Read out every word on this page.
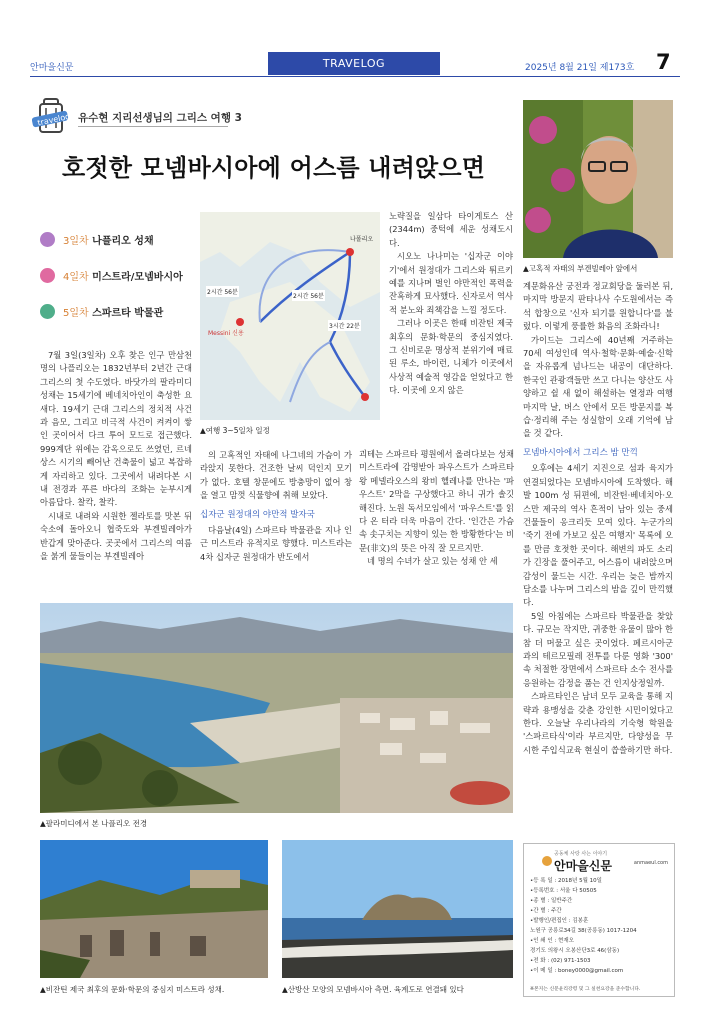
안마을신문	TRAVELOG	2025년 8월 21일 제173호 7
travelog 유수현 지리선생님의 그리스 여행 3
호젓한 모넴바시아에 어스름 내려앉으면
3일차 나플리오 성채
4일차 미스트라/모넴바시아
5일차 스파르타 박물관

7월 3일(3일차) 오후 찾은 인구 만삼천 명의 나플리오는 1832년부터 2년간 근대 그리스의 첫 수도였다. 바닷가의 팔라미디 성채는 15세기에 베네치아인이 축성한 요새다. 19세기 근대 그리스의 정치적 사건과 음모, 그리고 비극적 사건이 켜켜이 쌓인 곳이어서 다크 투어 모드로 접근했다. 999계단 위에는 감옥으로도 쓰였던, 르네상스 시기의 빼어난 건축물이 넓고 복잡하게 자리하고 있다. 그곳에서 내려다본 시내 전경과 푸른 바다의 조화는 눈부시게 아름답다. 찰칵, 찰칵.

시내로 내려와 시원한 젤라토를 맛본 뒤 숙소에 돌아오니 협죽도와 부겐빌레아가 반갑게 맞아준다. 곳곳에서 그리스의 여름을 붉게 물들이는 부겐빌레아

나폴리오
2시간 56분
2시간 56분
3시간 22분
Messini 신용
▲여행 3~5일차 일정

의 고혹적인 자태에 나그네의 가슴이 가라앉지 못한다. 건조한 날씨 덕인지 모기가 없다. 호텔 창문에도 방충망이 없어 창을 열고 맘껏 식물향에 취해 보았다.

십자군 원정대의 야만적 발자국

다음날(4일) 스파르타 박물관을 지나 인근 미스트라 유적지로 향했다. 미스트라는 4차 십자군 원정대가 반도에서

노략질을 일삼다 타이게토스 산(2344m) 중턱에 세운 성채도시다.

시오노 나나미는 '십자군 이야기'에서 원정대가 그리스와 튀르키예를 지나며 벌인 야만적인 폭력을 잔혹하게 묘사했다. 신자로서 역사적 분노와 죄책감을 느낄 정도다.

그러나 이곳은 한때 비잔틴 제국 최후의 문화·학문의 중심지였다. 그 신비로운 명상적 분위기에 매료된 루소, 바이런, 니체가 이곳에서 사상적 예술적 영감을 얻었다고 한다. 이곳에 오지 않은

괴테는 스파르타 평원에서 올려다보는 성채 미스트라에 감명받아 파우스트가 스파르타 왕 메넬라오스의 왕비 헬레나를 만나는 '파우스트' 2막을 구상했다고 하니 귀가 솔깃해진다. 노원 독서모임에서 '파우스트'를 읽다 온 터라 더욱 마음이 간다. '인간은 가슴 속 솟구치는 지향이 있는 한 방황한다'는 비문(非文)의 뜻은 아직 잘 모르지만.

네 명의 수녀가 살고 있는 성채 안 세

▲고혹적 자태의 부겐빌레아 앞에서

계문화유산 궁전과 정교회당을 둘러본 뒤, 마지막 방문지 판타나사 수도원에서는 즉석 합창으로 '신자 되기를 원합니다'를 불렀다. 이렇게 풍률한 화음의 조화라니!

가이드는 그리스에 40년째 거주하는 70세 여성인데 역사·철학·문화·예술·신학을 자유롭게 넘나드는 내공이 대단하다. 한국인 관광객들만 쓰고 다니는 양산도 사양하고 쉴 새 없이 해설하는 열정과 여행 마지막 날, 버스 안에서 모든 방문지를 복습·정리해 주는 성실함이 오래 기억에 남을 것 같다.

모넴바시아에서 그리스 밤 만끽

오후에는 4세기 지진으로 섬과 육지가 연결되었다는 모넴바시아에 도착했다. 해발 100m 성 뒤편에, 비잔틴·베네치아·오스만 제국의 역사 흔적이 남아 있는 중세 건물들이 옹크리듯 모여 있다. 누군가의 '죽기 전에 가보고 싶은 여행지' 목록에 오를 만큼 호젓한 곳이다. 해변의 파도 소리가 긴장을 풀어주고, 어스름이 내려앉으며 감성이 물드는 시간. 우리는 늦은 밤까지 담소를 나누며 그리스의 밤을 깊이 만끽했다.

5일 아침에는 스파르타 박물관을 찾았다. 규모는 작지만, 귀중한 유물이 많아 한참 더 머물고 싶은 곳이었다. 페르시아군과의 테르모필레 전투를 다룬 영화 '300' 속 처절한 장면에서 스파르타 소수 전사를 응원하는 감정을 품는 건 인지상정일까.

스파르타인은 남녀 모두 교육을 통해 지략과 용맹성을 갖춘 강인한 시민이었다고 한다. 오늘날 우리나라의 기숙형 학원을 '스파르타식'이라 부르지만, 다양성을 무시한 주입식교육 현실이 씁쓸하기만 하다.

▲팔라미디에서 본 나플리오 전경
▲비잔틴 제국 최후의 문화·학문의 중심지 미스트라 성채.	▲산방산 모양의 모넴바시아 측면. 육계도로 연결돼 있다
공동체 사랑 사는 이야기
안마을신문	anmaeul.com
•등 록 일 : 2018년 5월 10일
•등록번호 : 서울 다 50505
•종 별 : 일반주간
•간 별 : 주간
•발행인/편집인 : 김봉훈
노원구 공릉로34길 38(공릉동) 1017-1204
•인 쇄 인 : 현재오
경기도 의왕시 오봉산단3로 46(삼동)
•전 화 : (02) 971-1503
•이 메 일 : boney0000@gmail.com
※본지는 신문윤리강령 및 그 실천요강을 준수합니다.
